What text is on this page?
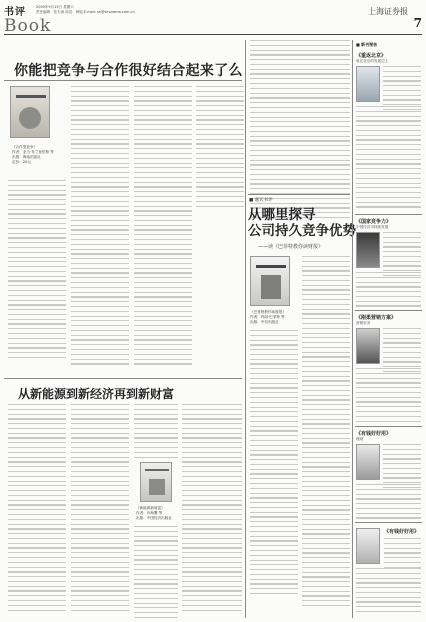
书评	2009年9月15日 星期六
责任编辑：张天涛 视觉：韩旭 E-mail: sh@sinorama.com.cn
Book
上海证券报
7
你能把竞争与合作很好结合起来了么
《合作型竞争》
作者：亚当·布兰登伯格 等
出版：海南出版社
定价：20元
从新能源到新经济再到新财富
《新能源新财富》
作者：肖海鹰 等
出版：中国经济出版社
■ 嘉宾书评
从哪里探寻
公司持久竞争优势
——读《巴菲特教你读财报》
《巴菲特教你读财报》
作者：玛丽·巴菲特 等
出版：中信出版社
■ 新书预告
《重返北京》
谁在北京的发展边上
《国家竞争力》
中国经济可持续发展
《刚柔营销方案》
营销实务
《有钱好好用》
理财
《有钱好好用》
